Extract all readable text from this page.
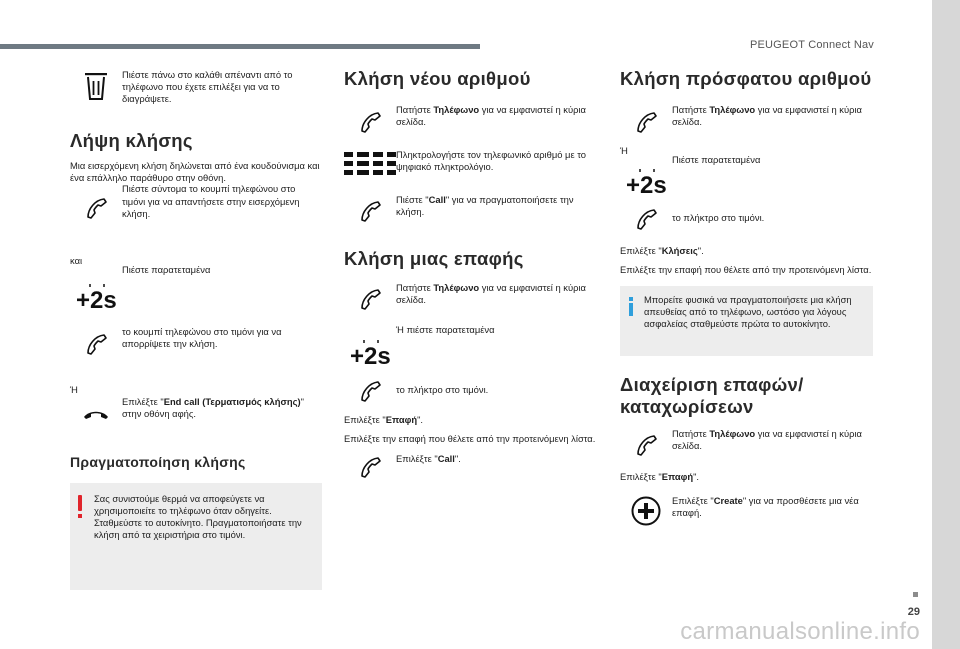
PEUGEOT Connect Nav
29
carmanualsonline.info
Πιέστε πάνω στο καλάθι απέναντι από το τηλέφωνο που έχετε επιλέξει για να το διαγράψετε.
Λήψη κλήσης
Μια εισερχόμενη κλήση δηλώνεται από ένα κουδούνισμα και ένα επάλληλο παράθυρο στην οθόνη.
Πιέστε σύντομα το κουμπί τηλεφώνου στο τιμόνι για να απαντήσετε στην εισερχόμενη κλήση.
και
+2s
Πιέστε παρατεταμένα
το κουμπί τηλεφώνου στο τιμόνι για να απορρίψετε την κλήση.
Ή
Επιλέξτε "End call (Τερματισμός κλήσης)" στην οθόνη αφής.
Πραγματοποίηση κλήσης
Σας συνιστούμε θερμά να αποφεύγετε να χρησιμοποιείτε το τηλέφωνο όταν οδηγείτε. Σταθμεύστε το αυτοκίνητο. Πραγματοποιήσατε την κλήση από τα χειριστήρια στο τιμόνι.
Κλήση νέου αριθμού
Πατήστε Τηλέφωνο για να εμφανιστεί η κύρια σελίδα.
Πληκτρολογήστε τον τηλεφωνικό αριθμό με το ψηφιακό πληκτρολόγιο.
Πιέστε "Call" για να πραγματοποιήσετε την κλήση.
Κλήση μιας επαφής
Πατήστε Τηλέφωνο για να εμφανιστεί η κύρια σελίδα.
+2s
Ή πιέστε παρατεταμένα
το πλήκτρο στο τιμόνι.
Επιλέξτε "Επαφή".
Επιλέξτε την επαφή που θέλετε από την προτεινόμενη λίστα.
Επιλέξτε "Call".
Κλήση πρόσφατου αριθμού
Πατήστε Τηλέφωνο για να εμφανιστεί η κύρια σελίδα.
Ή
+2s
Πιέστε παρατεταμένα
το πλήκτρο στο τιμόνι.
Επιλέξτε "Κλήσεις".
Επιλέξτε την επαφή που θέλετε από την προτεινόμενη λίστα.
Μπορείτε φυσικά να πραγματοποιήσετε μια κλήση απευθείας από το τηλέφωνο, ωστόσο για λόγους ασφαλείας σταθμεύστε πρώτα το αυτοκίνητο.
Διαχείριση επαφών/ καταχωρίσεων
Πατήστε Τηλέφωνο για να εμφανιστεί η κύρια σελίδα.
Επιλέξτε "Επαφή".
Επιλέξτε "Create" για να προσθέσετε μια νέα επαφή.
